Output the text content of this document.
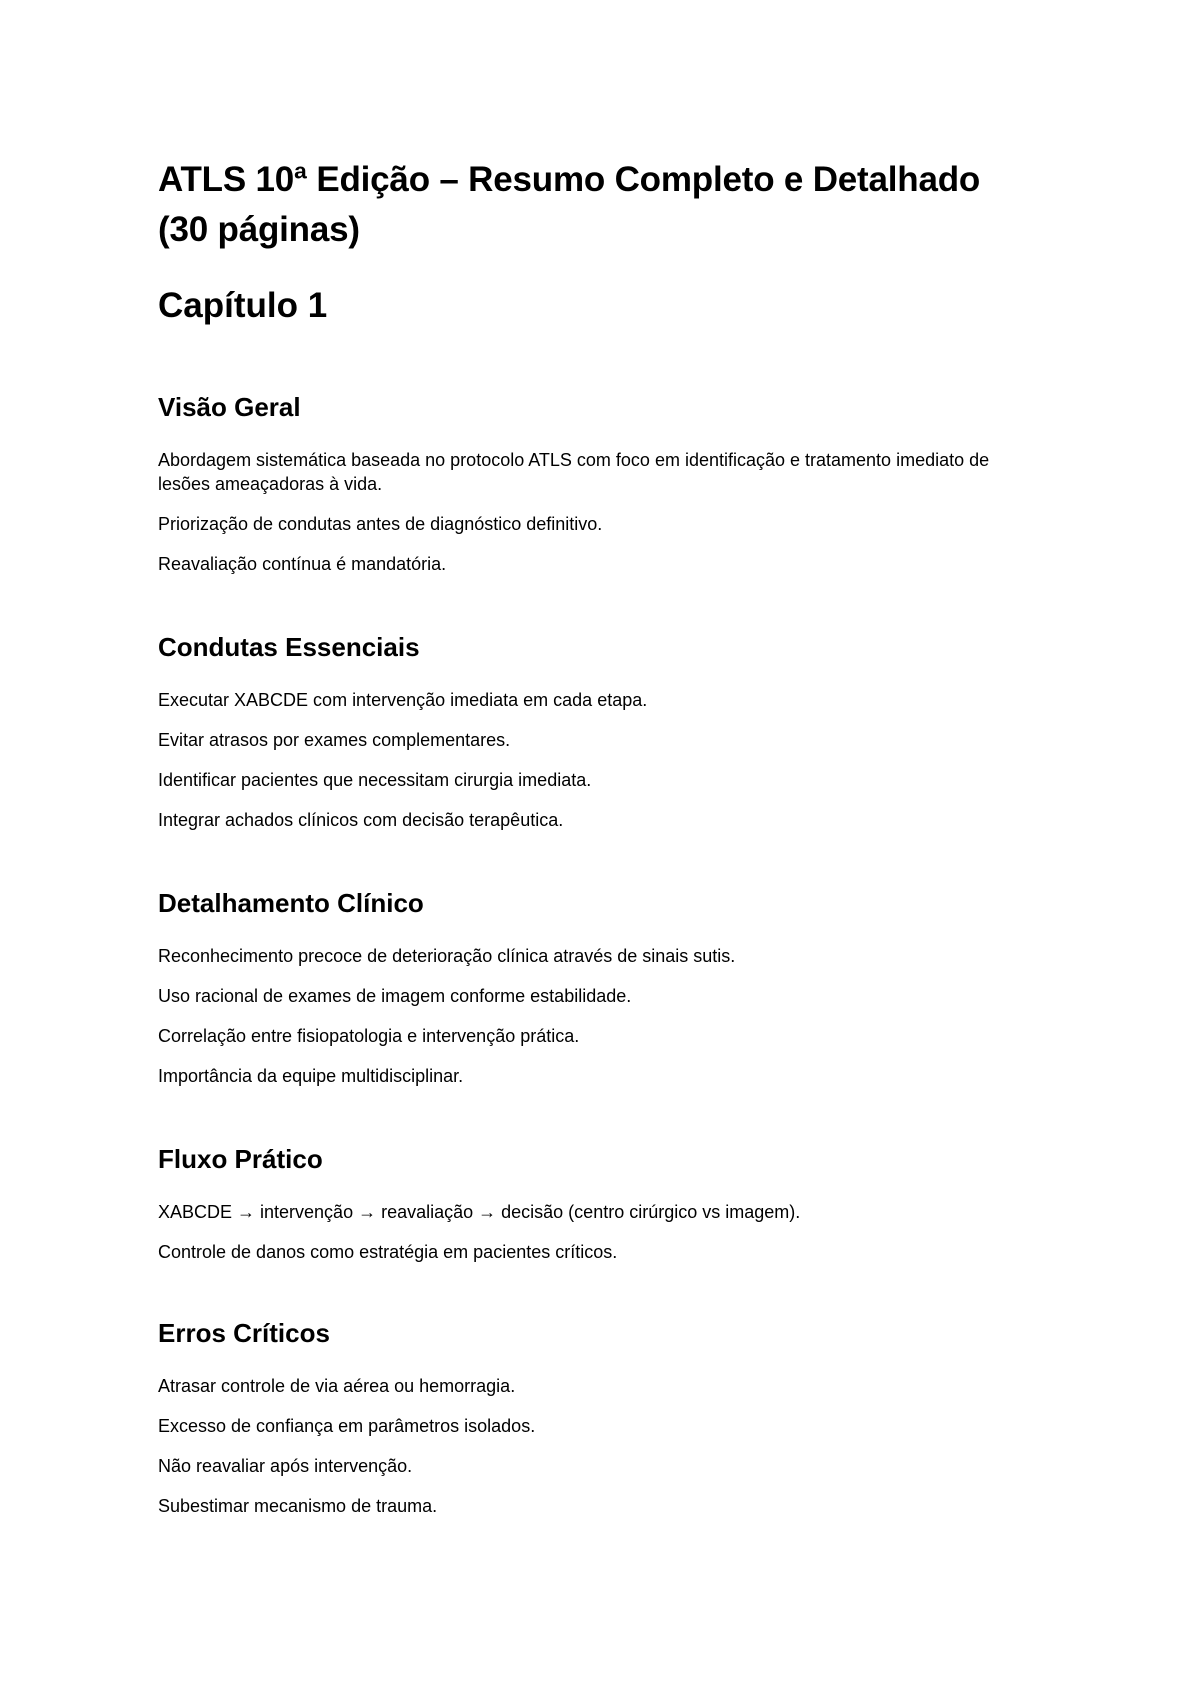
ATLS 10ª Edição – Resumo Completo e Detalhado (30 páginas)
Capítulo 1
Visão Geral

Abordagem sistemática baseada no protocolo ATLS com foco em identificação e tratamento imediato de lesões ameaçadoras à vida.

Priorização de condutas antes de diagnóstico definitivo.

Reavaliação contínua é mandatória.

Condutas Essenciais

Executar XABCDE com intervenção imediata em cada etapa.

Evitar atrasos por exames complementares.

Identificar pacientes que necessitam cirurgia imediata.

Integrar achados clínicos com decisão terapêutica.

Detalhamento Clínico

Reconhecimento precoce de deterioração clínica através de sinais sutis.

Uso racional de exames de imagem conforme estabilidade.

Correlação entre fisiopatologia e intervenção prática.

Importância da equipe multidisciplinar.

Fluxo Prático

XABCDE → intervenção → reavaliação → decisão (centro cirúrgico vs imagem).

Controle de danos como estratégia em pacientes críticos.

Erros Críticos

Atrasar controle de via aérea ou hemorragia.

Excesso de confiança em parâmetros isolados.

Não reavaliar após intervenção.

Subestimar mecanismo de trauma.
